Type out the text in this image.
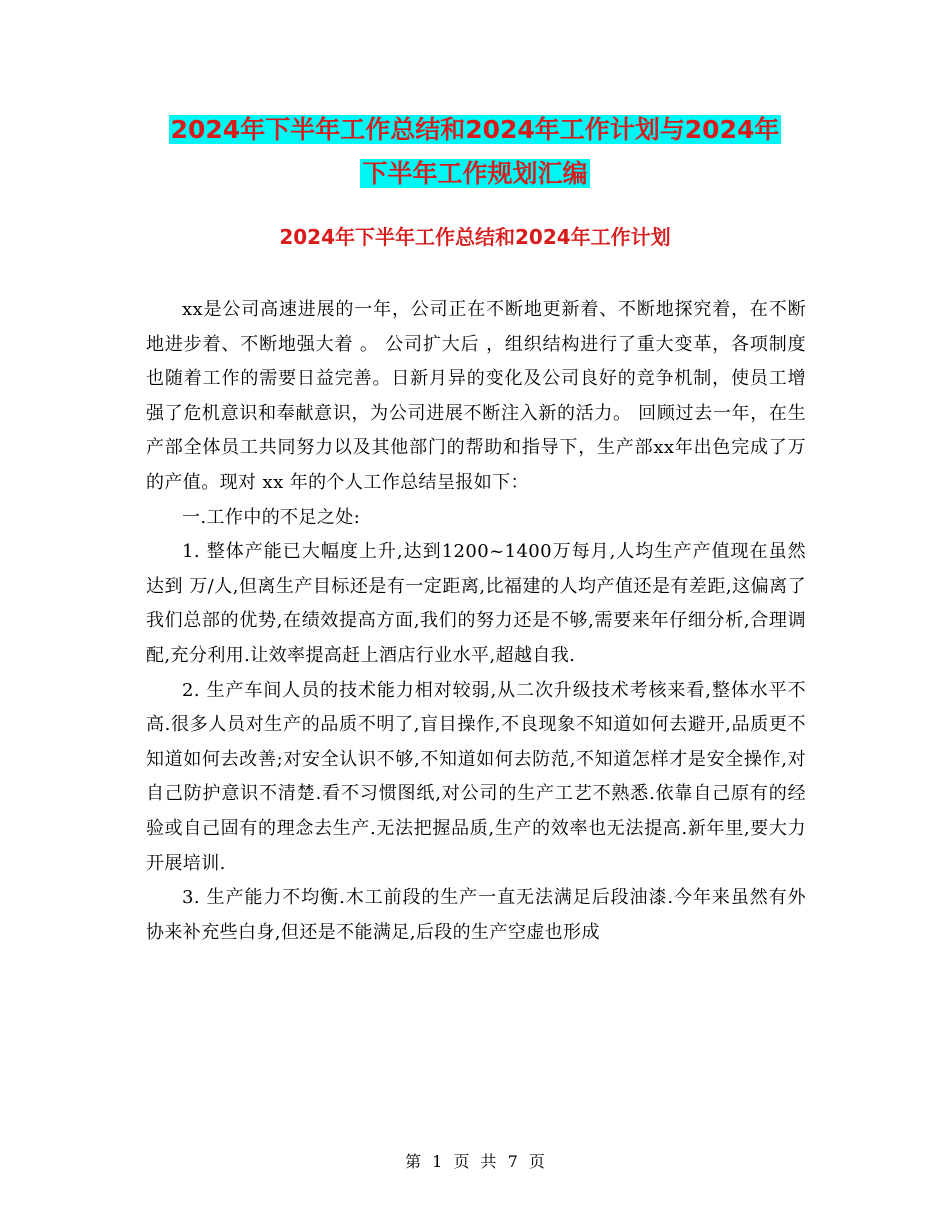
2024年下半年工作总结和2024年工作计划与2024年
下半年工作规划汇编
2024年下半年工作总结和2024年工作计划

xx是公司高速进展的一年，公司正在不断地更新着、不断地探究着，在不断地进步着、不断地强大着 。 公司扩大后 ，组织结构进行了重大变革，各项制度也随着工作的需要日益完善。日新月异的变化及公司良好的竞争机制，使员工增强了危机意识和奉献意识，为公司进展不断注入新的活力。 回顾过去一年，在生产部全体员工共同努力以及其他部门的帮助和指导下，生产部xx年出色完成了万的产值。现对 xx 年的个人工作总结呈报如下：

一.工作中的不足之处:

1. 整体产能已大幅度上升,达到1200~1400万每月,人均生产产值现在虽然达到 万/人,但离生产目标还是有一定距离,比福建的人均产值还是有差距,这偏离了我们总部的优势,在绩效提高方面,我们的努力还是不够,需要来年仔细分析,合理调配,充分利用.让效率提高赶上酒店行业水平,超越自我.

2. 生产车间人员的技术能力相对较弱,从二次升级技术考核来看,整体水平不高.很多人员对生产的品质不明了,盲目操作,不良现象不知道如何去避开,品质更不知道如何去改善;对安全认识不够,不知道如何去防范,不知道怎样才是安全操作,对自己防护意识不清楚.看不习惯图纸,对公司的生产工艺不熟悉.依靠自己原有的经验或自己固有的理念去生产.无法把握品质,生产的效率也无法提高.新年里,要大力开展培训.

3. 生产能力不均衡.木工前段的生产一直无法满足后段油漆.今年来虽然有外协来补充些白身,但还是不能满足,后段的生产空虚也形成

第 1 页 共 7 页
